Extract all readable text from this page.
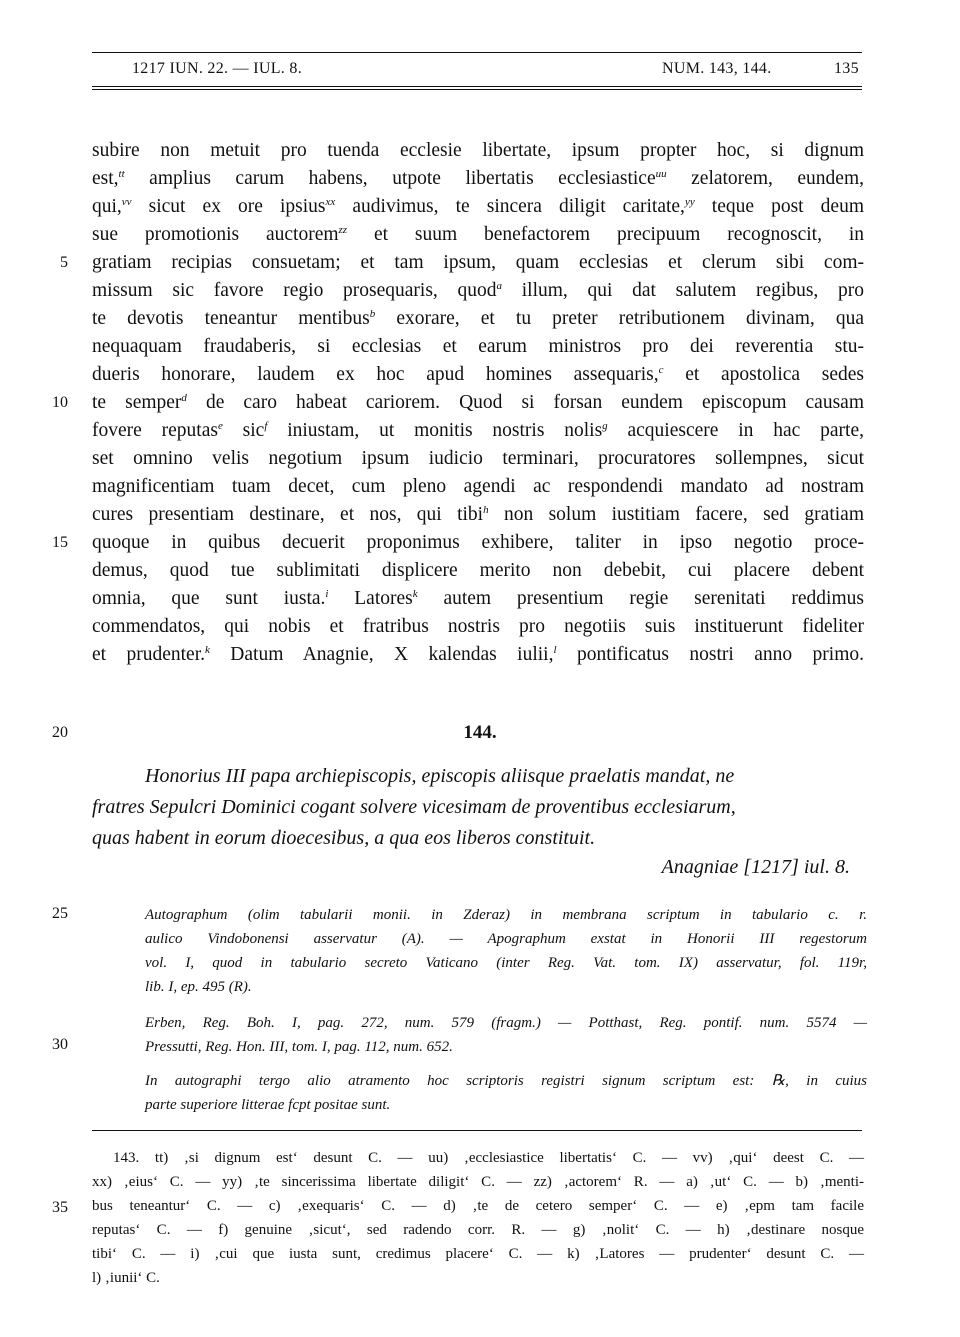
1217 IUN. 22. — IUL. 8.	NUM. 143, 144.	135
subire non metuit pro tuenda ecclesie libertate, ipsum propter hoc, si dignum
est,$^{tt}$ amplius carum habens, utpote libertatis ecclesiastice$^{uu}$ zelatorem, eundem,
qui,$^{vv}$ sicut ex ore ipsius$^{xx}$ audivimus, te sincera diligit caritate,$^{yy}$ teque post deum
sue promotionis auctorem$^{zz}$ et suum benefactorem precipuum recognoscit, in
gratiam recipias consuetam; et tam ipsum, quam ecclesias et clerum sibi com-
missum sic favore regio prosequaris, quod$^a$ illum, qui dat salutem regibus, pro
te devotis teneantur mentibus$^b$ exorare, et tu preter retributionem divinam, qua
nequaquam fraudaberis, si ecclesias et earum ministros pro dei reverentia stu-
dueris honorare, laudem ex hoc apud homines assequaris,$^c$ et apostolica sedes
te semper$^d$ de caro habeat cariorem. Quod si forsan eundem episcopum causam
fovere reputas$^e$ sic$^f$ iniustam, ut monitis nostris nolis$^g$ acquiescere in hac parte,
set omnino velis negotium ipsum iudicio terminari, procuratores sollempnes, sicut
magnificentiam tuam decet, cum pleno agendi ac respondendi mandato ad nostram
cures presentiam destinare, et nos, qui tibi$^h$ non solum iustitiam facere, sed gratiam
quoque in quibus decuerit proponimus exhibere, taliter in ipso negotio proce-
demus, quod tue sublimitati displicere merito non debebit, cui placere debent
omnia, que sunt iusta.$^i$ Latores$^k$ autem presentium regie serenitati reddimus
commendatos, qui nobis et fratribus nostris pro negotiis suis instituerunt fideliter
et prudenter.$^k$ Datum Anagnie, X kalendas iulii,$^l$ pontificatus nostri anno primo.
5
10
15
20
25
30
35
144.
Honorius III papa archiepiscopis, episcopis aliisque praelatis mandat, ne
fratres Sepulcri Dominici cogant solvere vicesimam de proventibus ecclesiarum,
quas habent in eorum dioecesibus, a qua eos liberos constituit.
Anagniae [1217] iul. 8.
Autographum (olim tabularii monii. in Zderaz) in membrana scriptum in tabulario c. r.
aulico Vindobonensi asservatur (A). — Apographum exstat in Honorii III regestorum
vol. I, quod in tabulario secreto Vaticano (inter Reg. Vat. tom. IX) asservatur, fol. 119r,
lib. I, ep. 495 (R).
Erben, Reg. Boh. I, pag. 272, num. 579 (fragm.) — Potthast, Reg. pontif. num. 5574 —
Pressutti, Reg. Hon. III, tom. I, pag. 112, num. 652.
In autographi tergo alio atramento hoc scriptoris registri signum scriptum est: ℞, in cuius
parte superiore litterae fcpt positae sunt.
143. tt) ‚si dignum est‘ desunt C. — uu) ‚ecclesiastice libertatis‘ C. — vv) ‚qui‘ deest C. —
xx) ‚eius‘ C. — yy) ‚te sincerissima libertate diligit‘ C. — zz) ‚actorem‘ R. — a) ‚ut‘ C. — b) ‚menti-
bus teneantur‘ C. — c) ‚exequaris‘ C. — d) ‚te de cetero semper‘ C. — e) ‚epm tam facile
reputas‘ C. — f) genuine ‚sicut‘, sed radendo corr. R. — g) ‚nolit‘ C. — h) ‚destinare nosque
tibi‘ C. — i) ‚cui que iusta sunt, credimus placere‘ C. — k) ‚Latores — prudenter‘ desunt C. —
l) ‚iunii‘ C.
